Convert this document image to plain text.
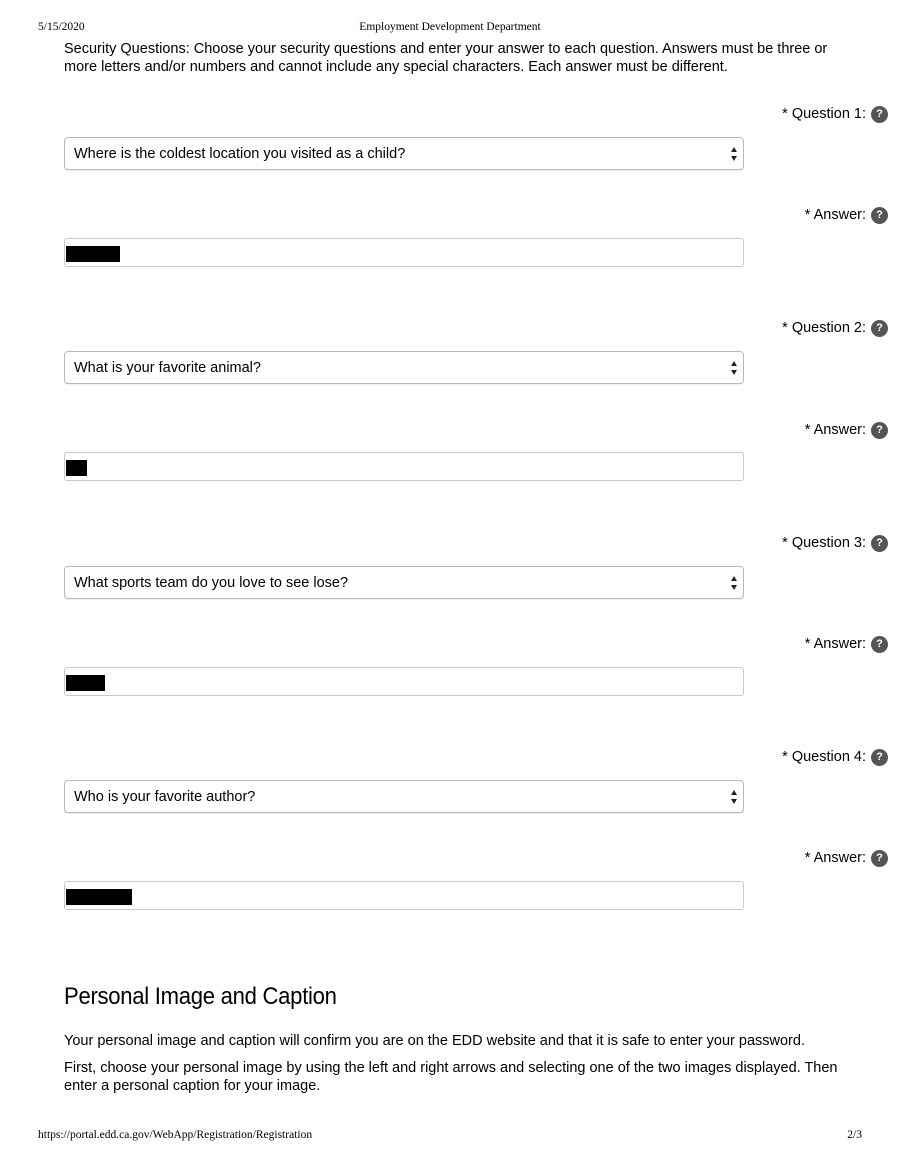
5/15/2020	Employment Development Department

Security Questions: Choose your security questions and enter your answer to each question. Answers must be three or more letters and/or numbers and cannot include any special characters. Each answer must be different.

* Question 1: ?
Where is the coldest location you visited as a child?
* Answer: ?
* Question 2: ?
What is your favorite animal?
* Answer: ?
* Question 3: ?
What sports team do you love to see lose?
* Answer: ?
* Question 4: ?
Who is your favorite author?
* Answer: ?
Personal Image and Caption

Your personal image and caption will confirm you are on the EDD website and that it is safe to enter your password.

First, choose your personal image by using the left and right arrows and selecting one of the two images displayed. Then enter a personal caption for your image.

https://portal.edd.ca.gov/WebApp/Registration/Registration	2/3
